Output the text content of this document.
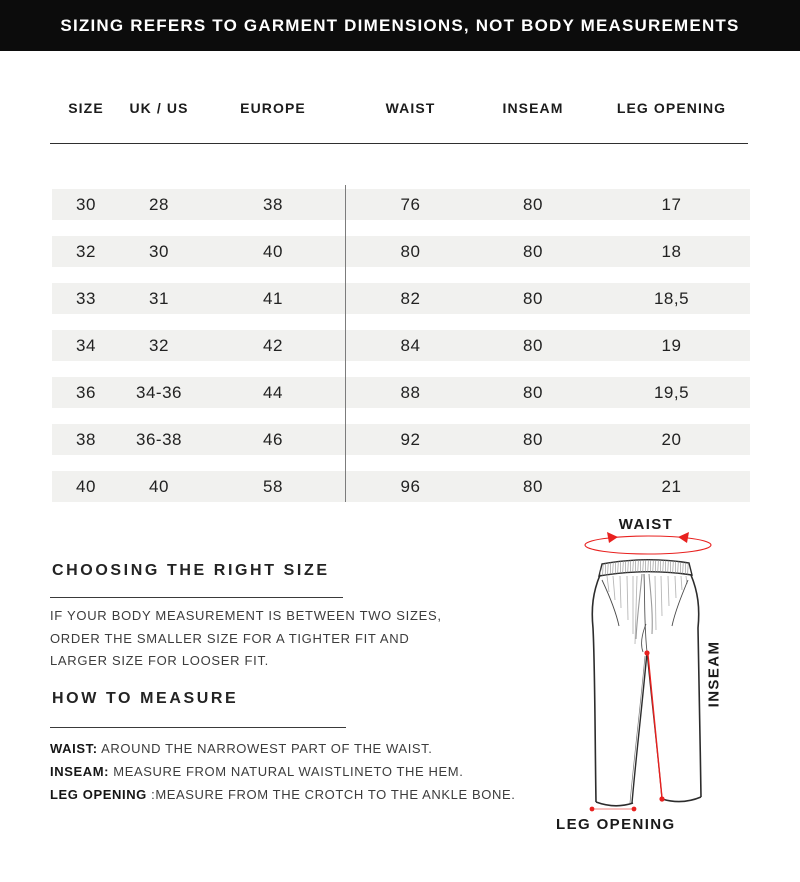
SIZING REFERS TO GARMENT DIMENSIONS, NOT BODY MEASUREMENTS
SIZE	UK / US	EUROPE	WAIST	INSEAM	LEG OPENING
30	28	38	76	80	17
32	30	40	80	80	18
33	31	41	82	80	18,5
34	32	42	84	80	19
36	34-36	44	88	80	19,5
38	36-38	46	92	80	20
40	40	58	96	80	21
CHOOSING THE RIGHT SIZE
IF YOUR BODY MEASUREMENT IS BETWEEN TWO SIZES,
ORDER THE SMALLER SIZE FOR A TIGHTER FIT AND
LARGER SIZE FOR LOOSER FIT.
HOW TO MEASURE
WAIST: AROUND THE NARROWEST PART OF THE WAIST.
INSEAM: MEASURE FROM NATURAL WAISTLINETO THE HEM.
LEG OPENING :MEASURE FROM THE CROTCH TO THE ANKLE BONE.
WAIST
INSEAM
LEG OPENING
